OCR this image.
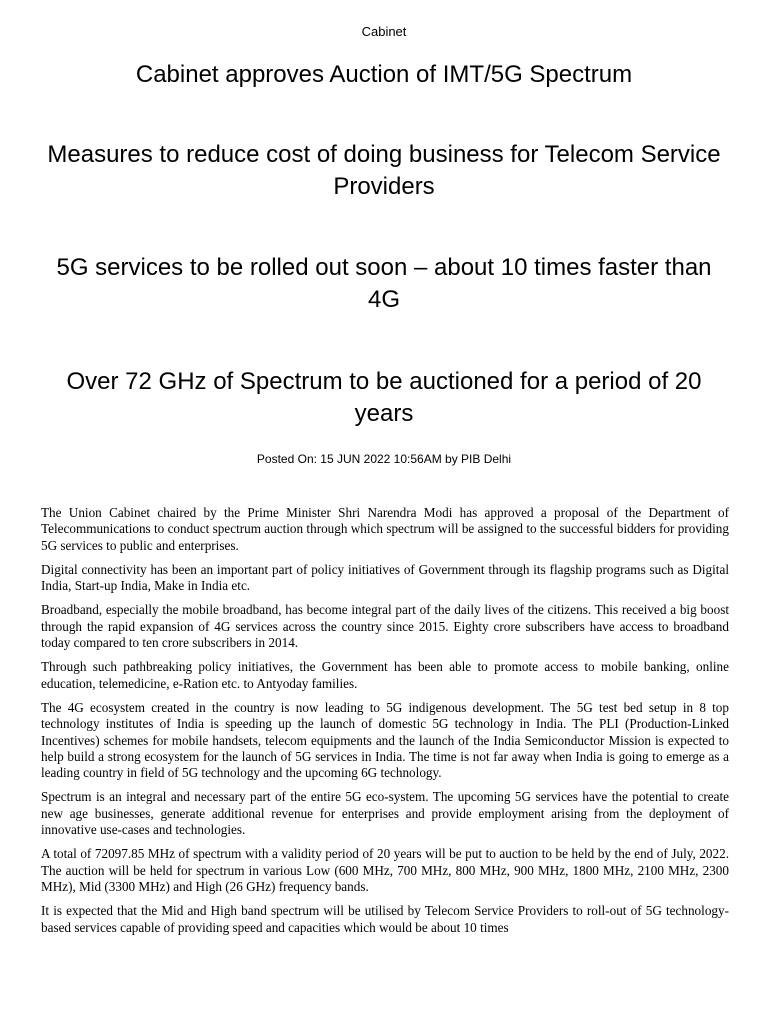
Cabinet
Cabinet approves Auction of IMT/5G Spectrum
Measures to reduce cost of doing business for Telecom Service Providers
5G services to be rolled out soon – about 10 times faster than 4G
Over 72 GHz of Spectrum to be auctioned for a period of 20 years
Posted On: 15 JUN 2022 10:56AM by PIB Delhi

The Union Cabinet chaired by the Prime Minister Shri Narendra Modi has approved a proposal of the Department of Telecommunications to conduct spectrum auction through which spectrum will be assigned to the successful bidders for providing 5G services to public and enterprises.

Digital connectivity has been an important part of policy initiatives of Government through its flagship programs such as Digital India, Start-up India, Make in India etc.

Broadband, especially the mobile broadband, has become integral part of the daily lives of the citizens. This received a big boost through the rapid expansion of 4G services across the country since 2015. Eighty crore subscribers have access to broadband today compared to ten crore subscribers in 2014.

Through such pathbreaking policy initiatives, the Government has been able to promote access to mobile banking, online education, telemedicine, e-Ration etc. to Antyoday families.

The 4G ecosystem created in the country is now leading to 5G indigenous development. The 5G test bed setup in 8 top technology institutes of India is speeding up the launch of domestic 5G technology in India. The PLI (Production-Linked Incentives) schemes for mobile handsets, telecom equipments and the launch of the India Semiconductor Mission is expected to help build a strong ecosystem for the launch of 5G services in India. The time is not far away when India is going to emerge as a leading country in field of 5G technology and the upcoming 6G technology.

Spectrum is an integral and necessary part of the entire 5G eco-system. The upcoming 5G services have the potential to create new age businesses, generate additional revenue for enterprises and provide employment arising from the deployment of innovative use-cases and technologies.

A total of 72097.85 MHz of spectrum with a validity period of 20 years will be put to auction to be held by the end of July, 2022. The auction will be held for spectrum in various Low (600 MHz, 700 MHz, 800 MHz, 900 MHz, 1800 MHz, 2100 MHz, 2300 MHz), Mid (3300 MHz) and High (26 GHz) frequency bands.

It is expected that the Mid and High band spectrum will be utilised by Telecom Service Providers to roll-out of 5G technology-based services capable of providing speed and capacities which would be about 10 times
